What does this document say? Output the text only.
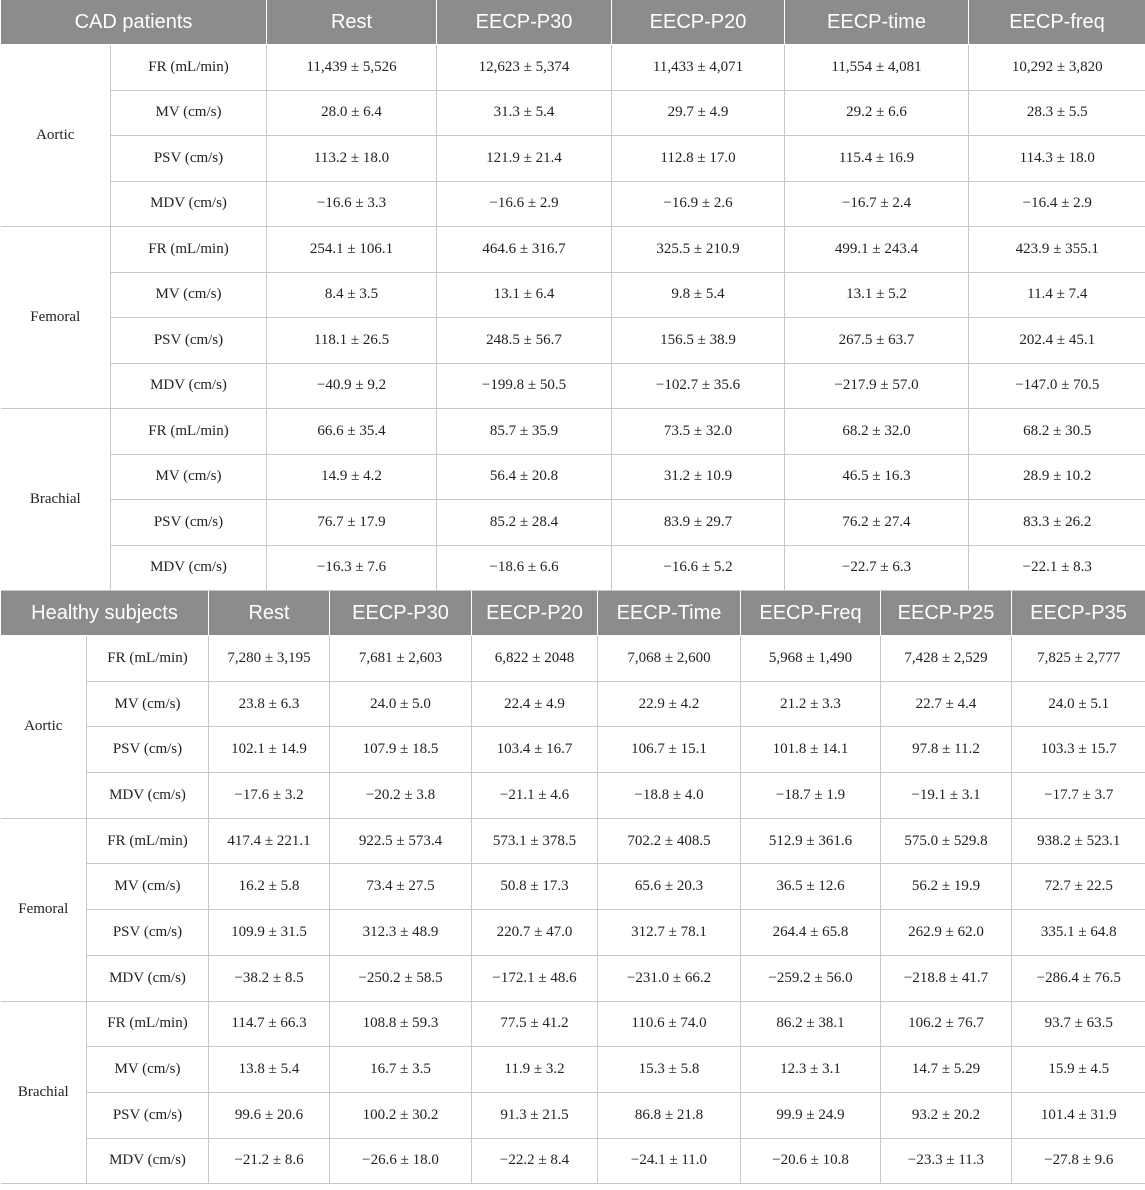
CAD patients		Rest	EECP-P30	EECP-P20	EECP-time	EECP-freq
Aortic	FR (mL/min)	11,439 ± 5,526	12,623 ± 5,374	11,433 ± 4,071	11,554 ± 4,081	10,292 ± 3,820
	MV (cm/s)	28.0 ± 6.4	31.3 ± 5.4	29.7 ± 4.9	29.2 ± 6.6	28.3 ± 5.5
	PSV (cm/s)	113.2 ± 18.0	121.9 ± 21.4	112.8 ± 17.0	115.4 ± 16.9	114.3 ± 18.0
	MDV (cm/s)	−16.6 ± 3.3	−16.6 ± 2.9	−16.9 ± 2.6	−16.7 ± 2.4	−16.4 ± 2.9
Femoral	FR (mL/min)	254.1 ± 106.1	464.6 ± 316.7	325.5 ± 210.9	499.1 ± 243.4	423.9 ± 355.1
	MV (cm/s)	8.4 ± 3.5	13.1 ± 6.4	9.8 ± 5.4	13.1 ± 5.2	11.4 ± 7.4
	PSV (cm/s)	118.1 ± 26.5	248.5 ± 56.7	156.5 ± 38.9	267.5 ± 63.7	202.4 ± 45.1
	MDV (cm/s)	−40.9 ± 9.2	−199.8 ± 50.5	−102.7 ± 35.6	−217.9 ± 57.0	−147.0 ± 70.5
Brachial	FR (mL/min)	66.6 ± 35.4	85.7 ± 35.9	73.5 ± 32.0	68.2 ± 32.0	68.2 ± 30.5
	MV (cm/s)	14.9 ± 4.2	56.4 ± 20.8	31.2 ± 10.9	46.5 ± 16.3	28.9 ± 10.2
	PSV (cm/s)	76.7 ± 17.9	85.2 ± 28.4	83.9 ± 29.7	76.2 ± 27.4	83.3 ± 26.2
	MDV (cm/s)	−16.3 ± 7.6	−18.6 ± 6.6	−16.6 ± 5.2	−22.7 ± 6.3	−22.1 ± 8.3
Healthy subjects		Rest	EECP-P30	EECP-P20	EECP-Time	EECP-Freq	EECP-P25	EECP-P35
Aortic	FR (mL/min)	7,280 ± 3,195	7,681 ± 2,603	6,822 ± 2048	7,068 ± 2,600	5,968 ± 1,490	7,428 ± 2,529	7,825 ± 2,777
	MV (cm/s)	23.8 ± 6.3	24.0 ± 5.0	22.4 ± 4.9	22.9 ± 4.2	21.2 ± 3.3	22.7 ± 4.4	24.0 ± 5.1
	PSV (cm/s)	102.1 ± 14.9	107.9 ± 18.5	103.4 ± 16.7	106.7 ± 15.1	101.8 ± 14.1	97.8 ± 11.2	103.3 ± 15.7
	MDV (cm/s)	−17.6 ± 3.2	−20.2 ± 3.8	−21.1 ± 4.6	−18.8 ± 4.0	−18.7 ± 1.9	−19.1 ± 3.1	−17.7 ± 3.7
Femoral	FR (mL/min)	417.4 ± 221.1	922.5 ± 573.4	573.1 ± 378.5	702.2 ± 408.5	512.9 ± 361.6	575.0 ± 529.8	938.2 ± 523.1
	MV (cm/s)	16.2 ± 5.8	73.4 ± 27.5	50.8 ± 17.3	65.6 ± 20.3	36.5 ± 12.6	56.2 ± 19.9	72.7 ± 22.5
	PSV (cm/s)	109.9 ± 31.5	312.3 ± 48.9	220.7 ± 47.0	312.7 ± 78.1	264.4 ± 65.8	262.9 ± 62.0	335.1 ± 64.8
	MDV (cm/s)	−38.2 ± 8.5	−250.2 ± 58.5	−172.1 ± 48.6	−231.0 ± 66.2	−259.2 ± 56.0	−218.8 ± 41.7	−286.4 ± 76.5
Brachial	FR (mL/min)	114.7 ± 66.3	108.8 ± 59.3	77.5 ± 41.2	110.6 ± 74.0	86.2 ± 38.1	106.2 ± 76.7	93.7 ± 63.5
	MV (cm/s)	13.8 ± 5.4	16.7 ± 3.5	11.9 ± 3.2	15.3 ± 5.8	12.3 ± 3.1	14.7 ± 5.29	15.9 ± 4.5
	PSV (cm/s)	99.6 ± 20.6	100.2 ± 30.2	91.3 ± 21.5	86.8 ± 21.8	99.9 ± 24.9	93.2 ± 20.2	101.4 ± 31.9
	MDV (cm/s)	−21.2 ± 8.6	−26.6 ± 18.0	−22.2 ± 8.4	−24.1 ± 11.0	−20.6 ± 10.8	−23.3 ± 11.3	−27.8 ± 9.6
